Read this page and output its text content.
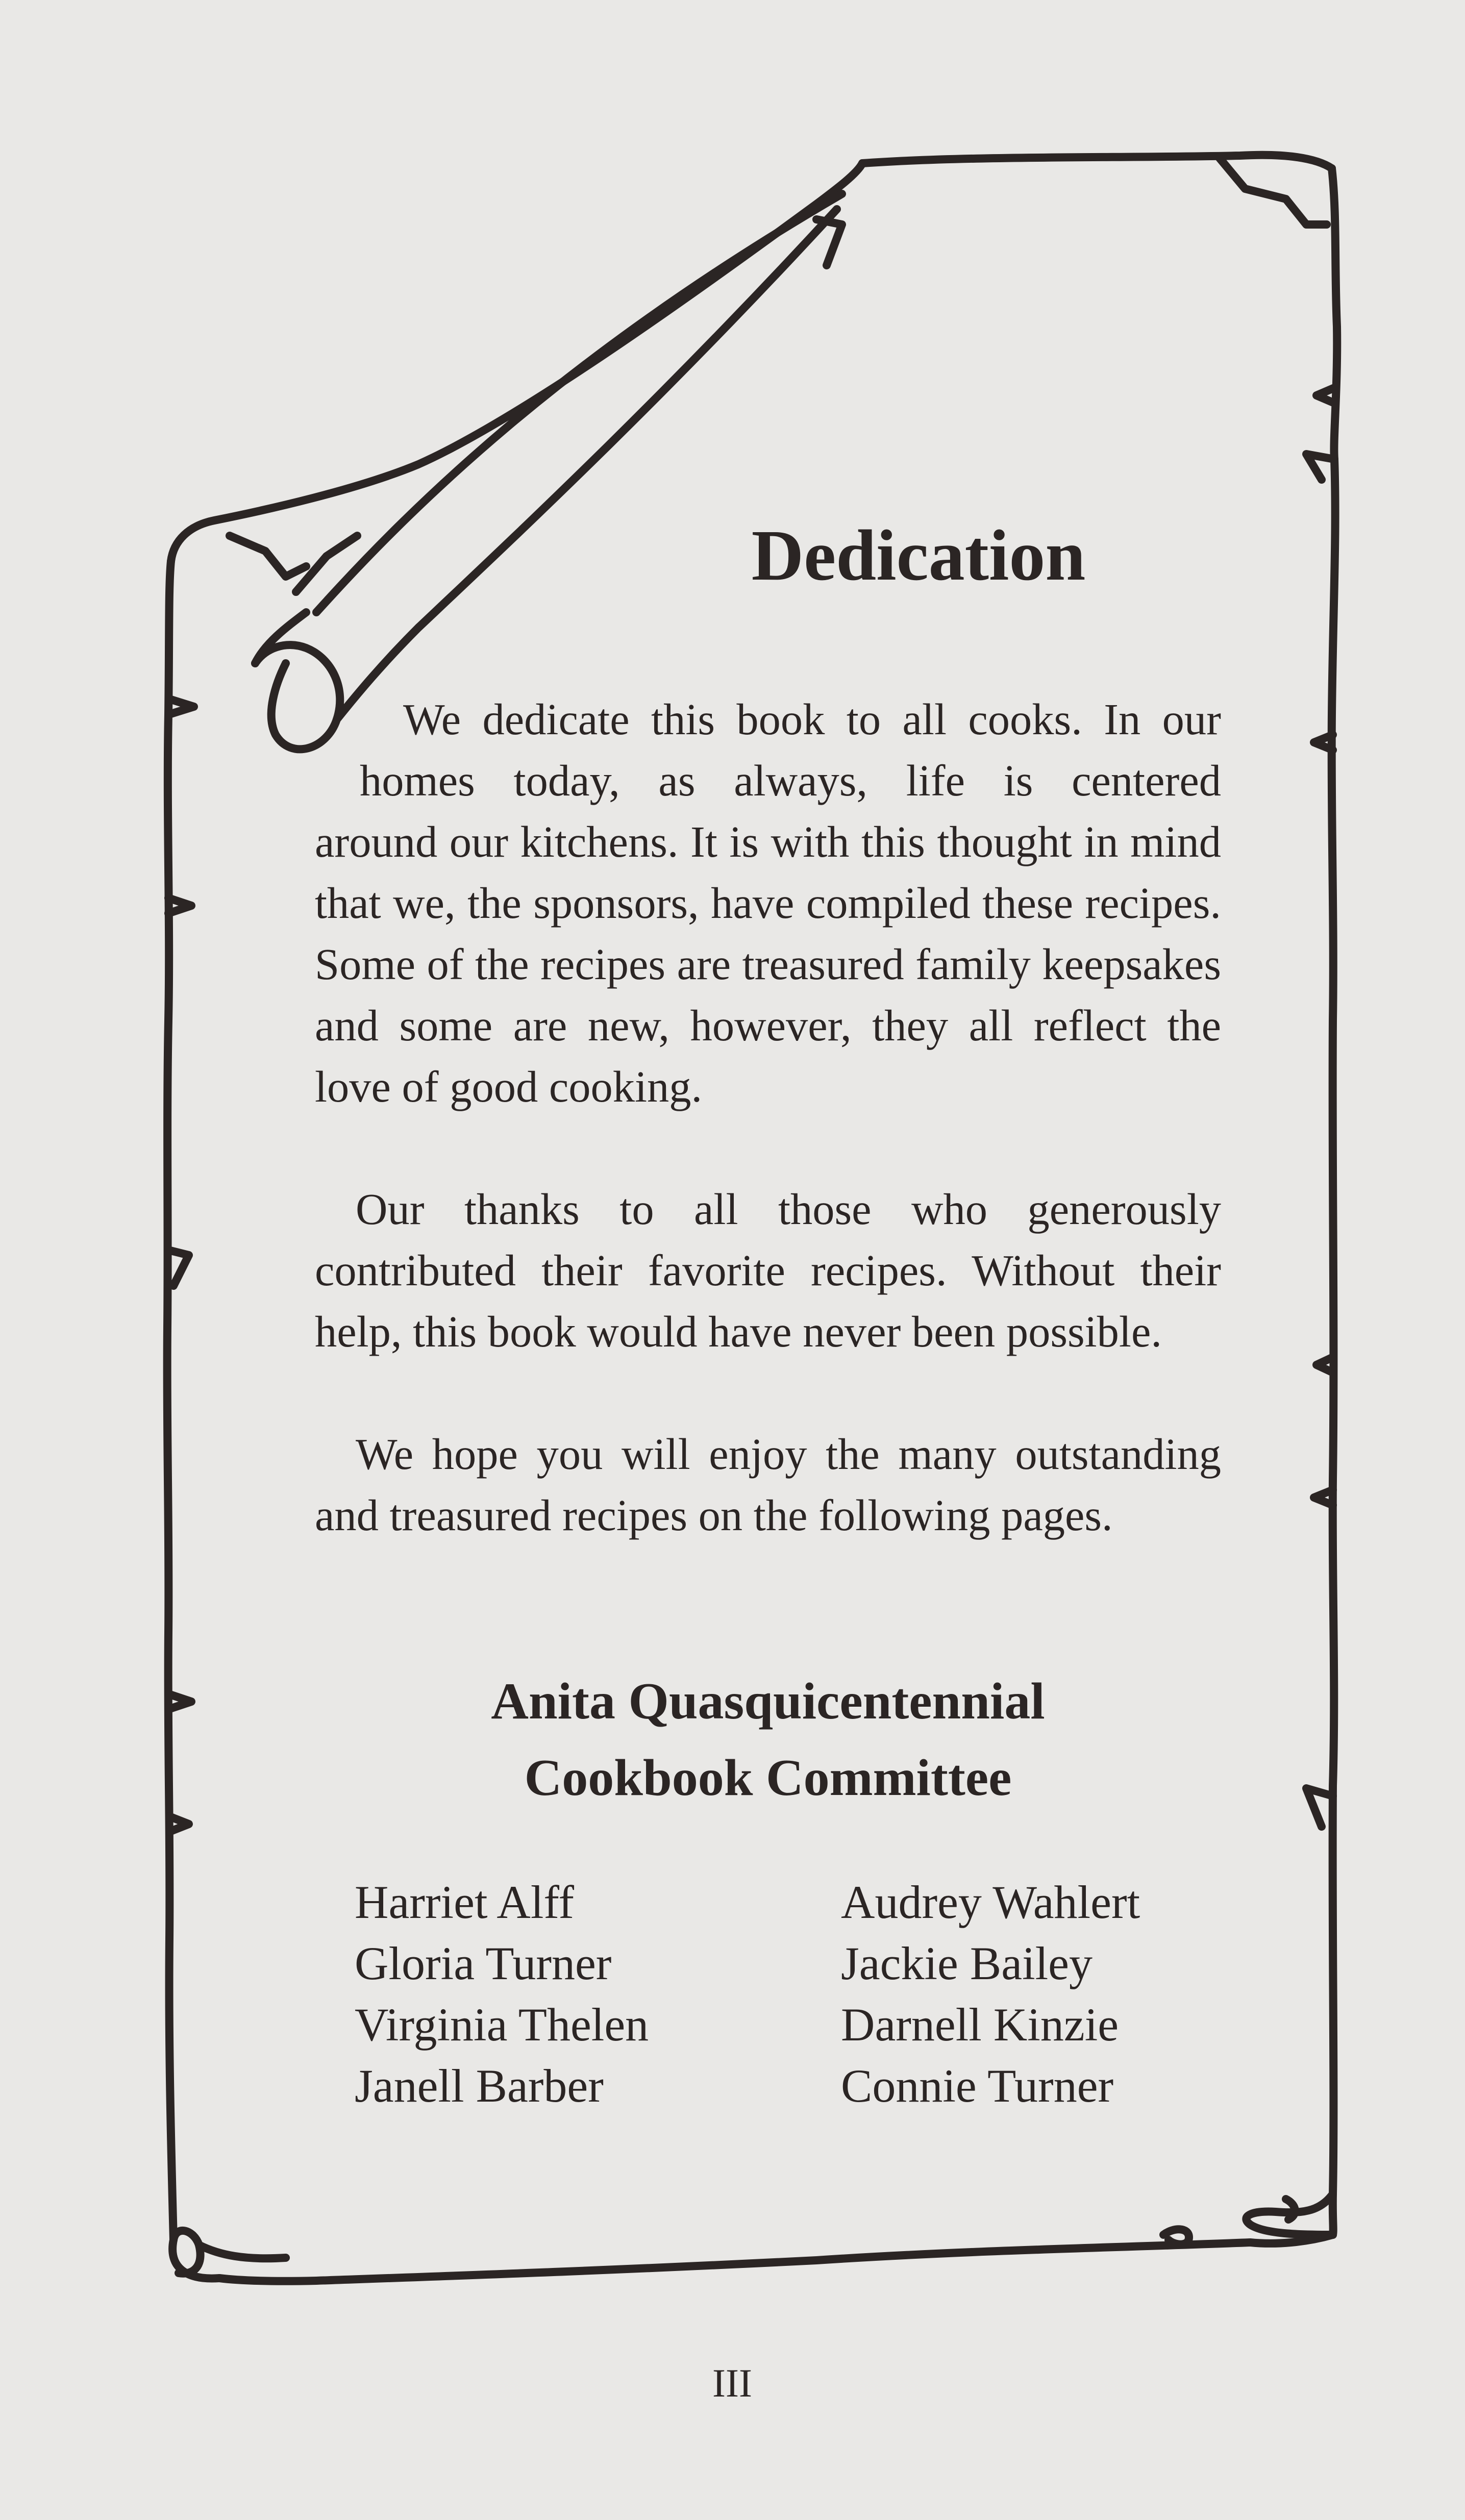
Dedication

We dedicate this book to all cooks. In our

homes today, as always, life is centered

around our kitchens. It is with this thought in mind that we, the sponsors, have compiled these recipes. Some of the recipes are treasured family keepsakes and some are new, however, they all reflect the love of good cooking.

Our thanks to all those who generously contributed their favorite recipes. Without their help, this book would have never been possible.

We hope you will enjoy the many outstanding and treasured recipes on the following pages.

Anita Quasquicentennial
Cookbook Committee
Harriet Alff
Gloria Turner
Virginia Thelen
Janell Barber
Audrey Wahlert
Jackie Bailey
Darnell Kinzie
Connie Turner
III
